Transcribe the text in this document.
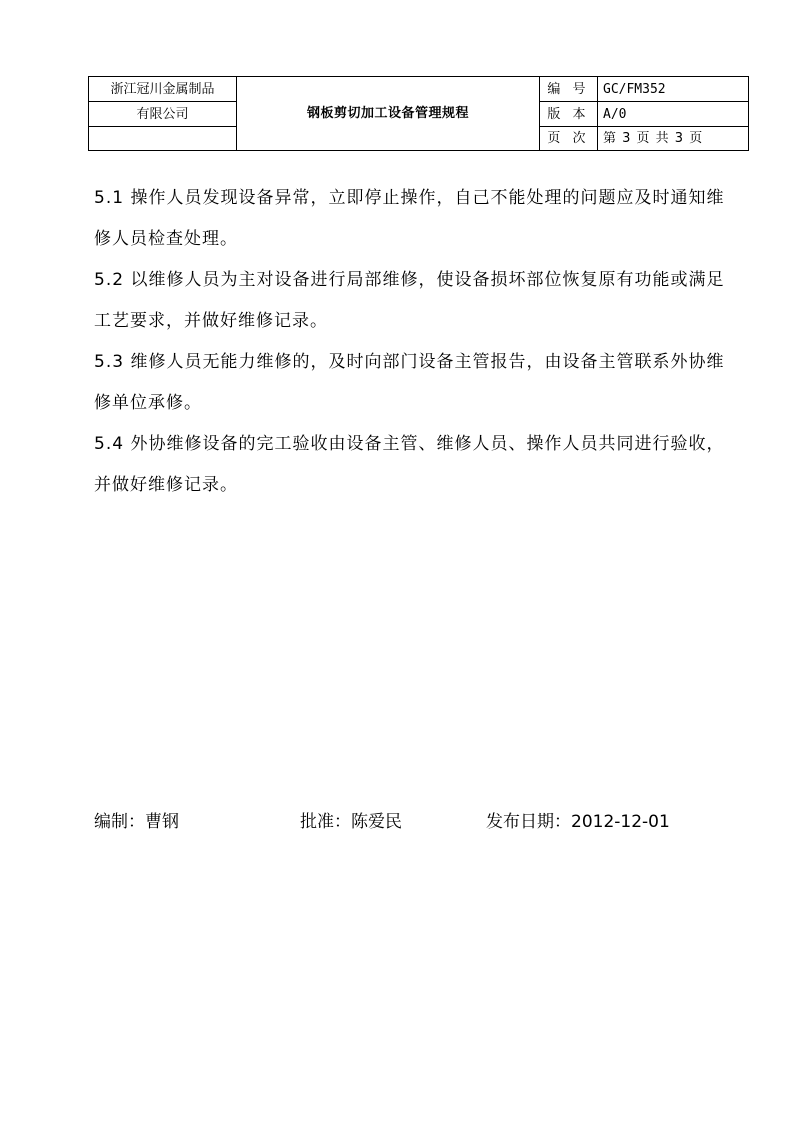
浙江冠川金属制品	钢板剪切加工设备管理规程	编 号	GC/FM352
有限公司		版 本	A/0
		页 次	第 3 页 共 3 页

5.1 操作人员发现设备异常，立即停止操作，自己不能处理的问题应及时通知维修人员检查处理。

5.2 以维修人员为主对设备进行局部维修，使设备损坏部位恢复原有功能或满足工艺要求，并做好维修记录。

5.3 维修人员无能力维修的，及时向部门设备主管报告，由设备主管联系外协维修单位承修。

5.4 外协维修设备的完工验收由设备主管、维修人员、操作人员共同进行验收，并做好维修记录。

编制：曹钢	批准：陈爱民	发布日期：2012-12-01
